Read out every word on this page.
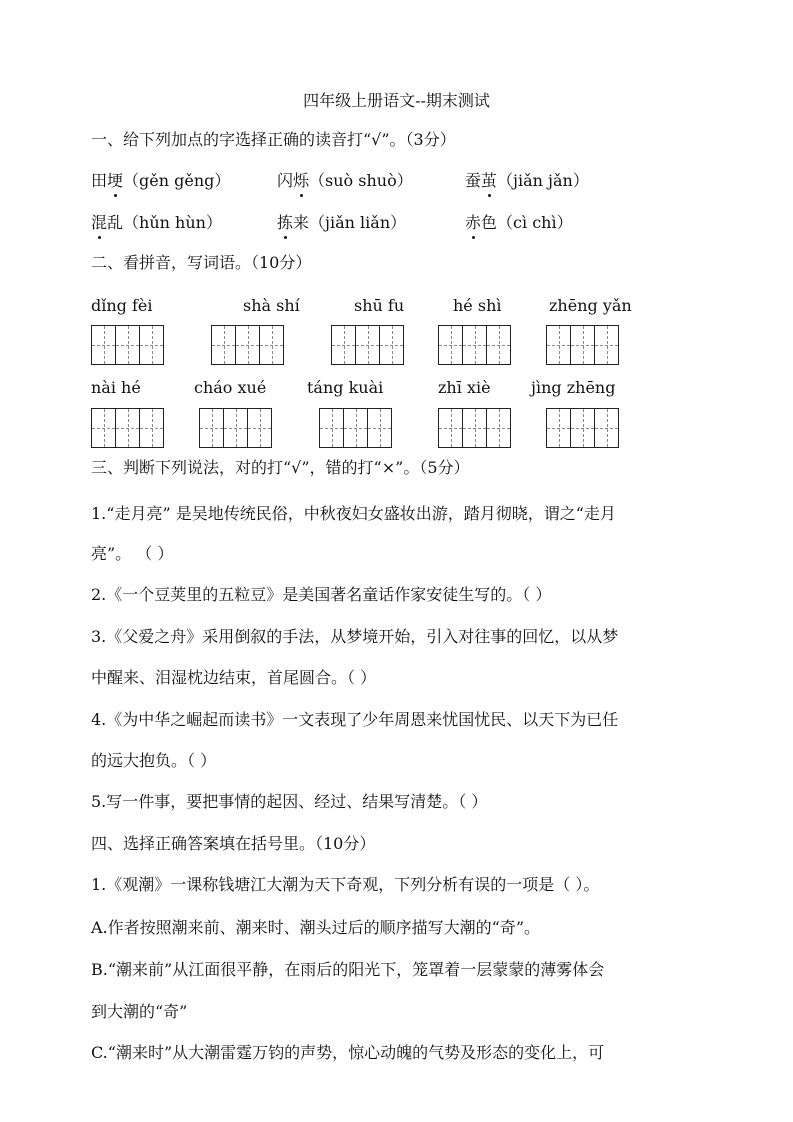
四年级上册语文--期末测试
一、给下列加点的字选择正确的读音打“√”。（3分）
田埂（gěn gěng）	闪烁（suò shuò）	蚕茧（jiǎn jǎn）
混乱（hǔn hùn）	拣来（jiǎn liǎn）	赤色（cì chì）
二、看拼音，写词语。（10分）
dǐng fèi	shà shí	shū fu	hé shì	zhēng yǎn
nài hé	cháo xué	táng kuài	zhī xiè	jìng zhēng
三、判断下列说法，对的打“√”，错的打“×”。（5分）
1.“走月亮” 是吴地传统民俗，中秋夜妇女盛妆出游，踏月彻晓，谓之“走月
亮”。 （ ）
2.《一个豆荚里的五粒豆》是美国著名童话作家安徒生写的。（ ）
3.《父爱之舟》采用倒叙的手法，从梦境开始，引入对往事的回忆，以从梦
中醒来、泪湿枕边结束，首尾圆合。（ ）
4.《为中华之崛起而读书》一文表现了少年周恩来忧国忧民、以天下为已任
的远大抱负。（ ）
5.写一件事，要把事情的起因、经过、结果写清楚。（ ）
四、选择正确答案填在括号里。（10分）
1.《观潮》一课称钱塘江大潮为天下奇观，下列分析有误的一项是（ ）。
A.作者按照潮来前、潮来时、潮头过后的顺序描写大潮的“奇”。
B.“潮来前”从江面很平静，在雨后的阳光下，笼罩着一层蒙蒙的薄雾体会
到大潮的“奇”
C.“潮来时”从大潮雷霆万钧的声势，惊心动魄的气势及形态的变化上，可
